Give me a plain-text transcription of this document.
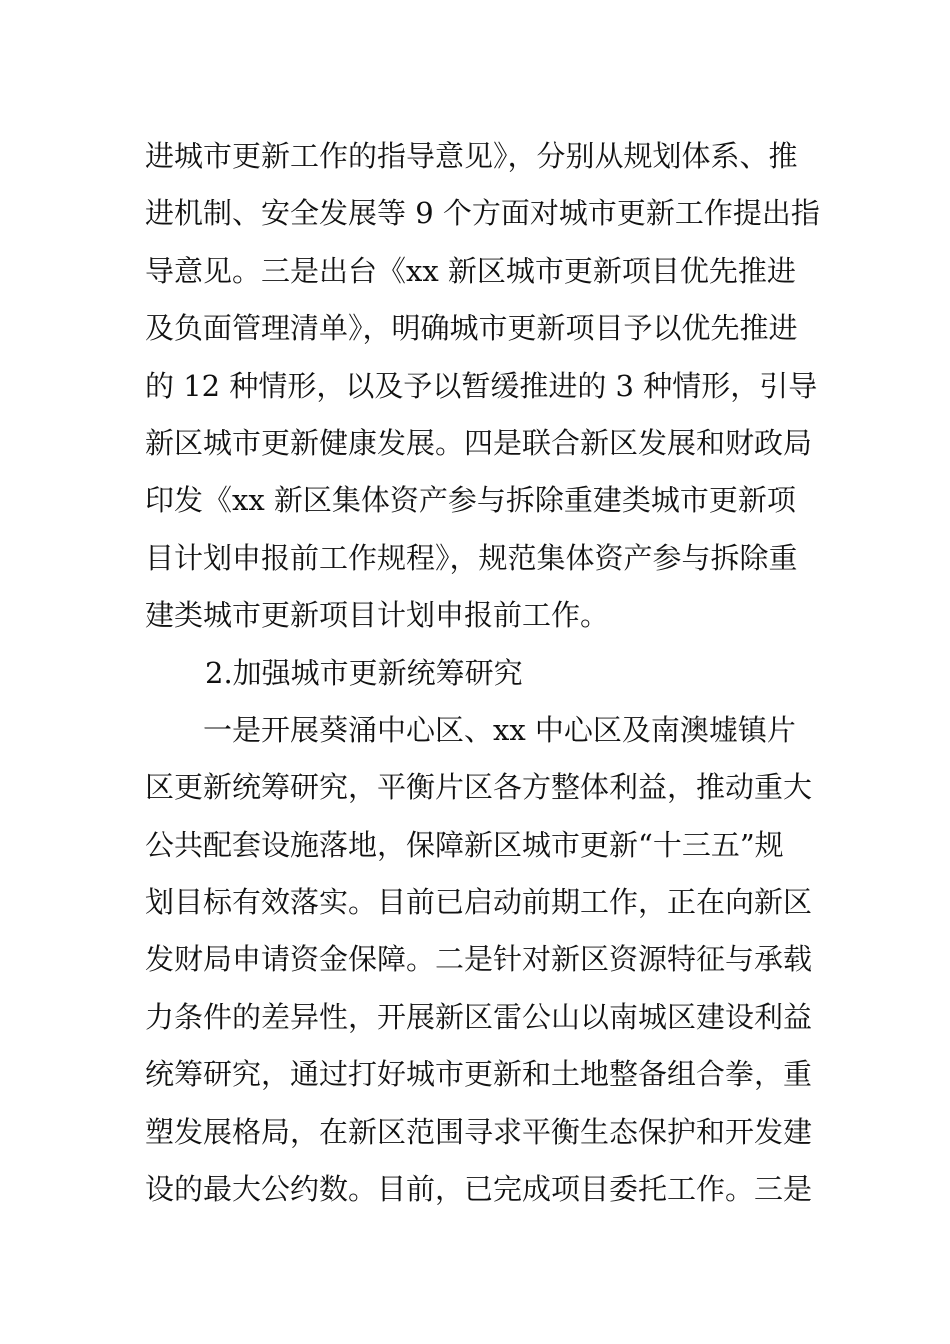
进城市更新工作的指导意见》，分别从规划体系、推
进机制、安全发展等 9 个方面对城市更新工作提出指
导意见。三是出台《xx 新区城市更新项目优先推进
及负面管理清单》，明确城市更新项目予以优先推进
的 12 种情形，以及予以暂缓推进的 3 种情形，引导
新区城市更新健康发展。四是联合新区发展和财政局
印发《xx 新区集体资产参与拆除重建类城市更新项
目计划申报前工作规程》，规范集体资产参与拆除重
建类城市更新项目计划申报前工作。
2.加强城市更新统筹研究
一是开展葵涌中心区、xx 中心区及南澳墟镇片
区更新统筹研究，平衡片区各方整体利益，推动重大
公共配套设施落地，保障新区城市更新“十三五”规
划目标有效落实。目前已启动前期工作，正在向新区
发财局申请资金保障。二是针对新区资源特征与承载
力条件的差异性，开展新区雷公山以南城区建设利益
统筹研究，通过打好城市更新和土地整备组合拳，重
塑发展格局，在新区范围寻求平衡生态保护和开发建
设的最大公约数。目前，已完成项目委托工作。三是
